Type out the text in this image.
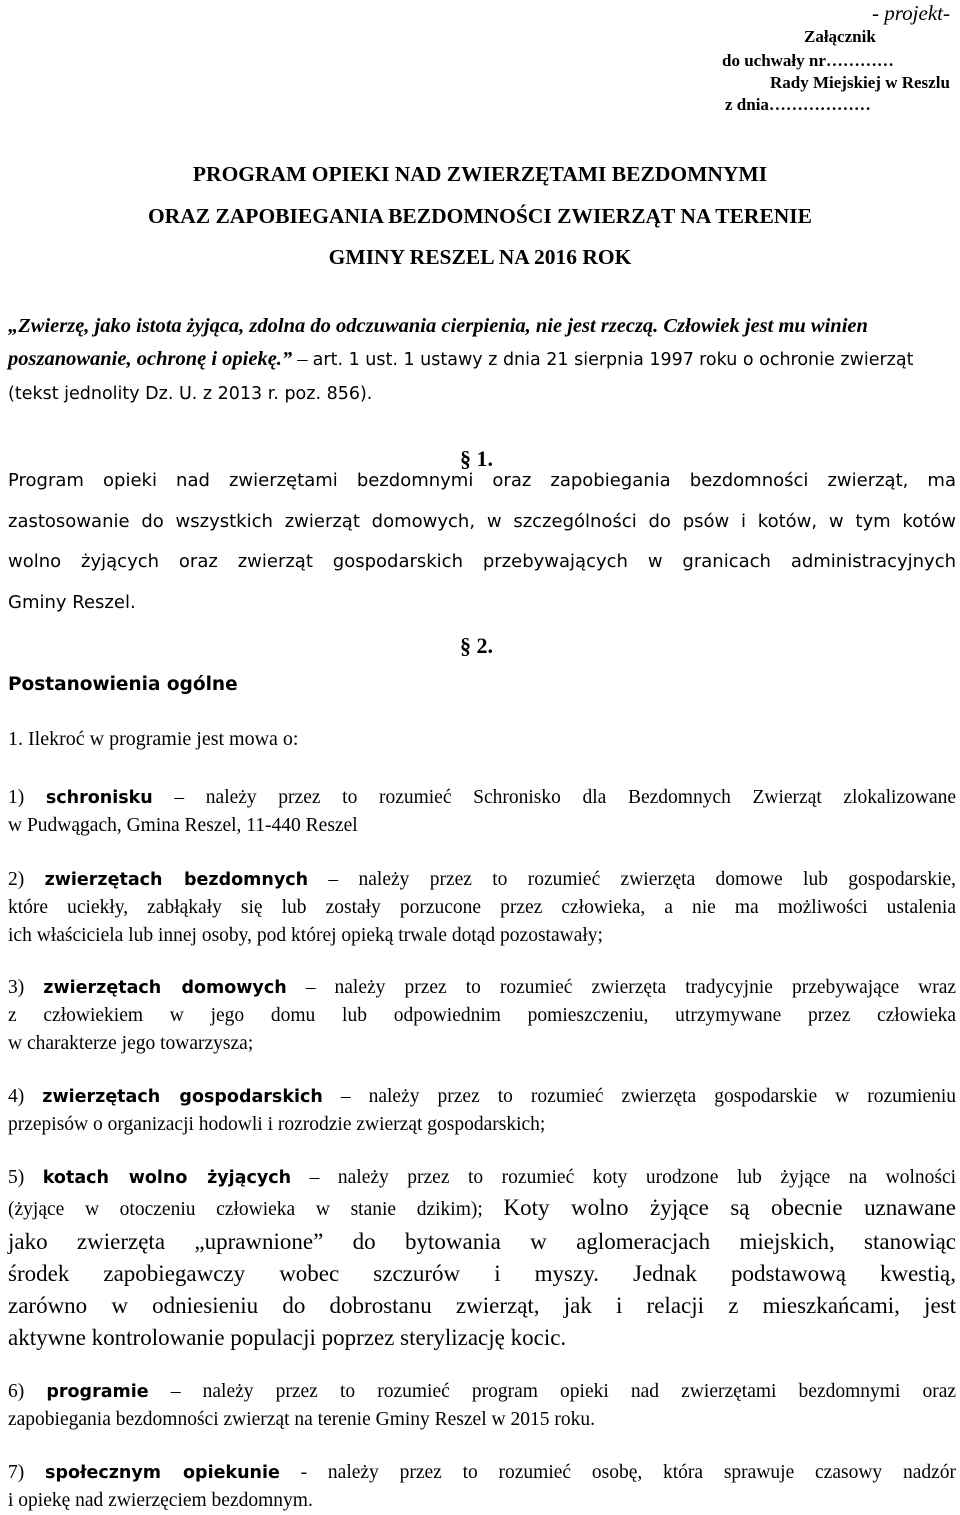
- projekt-
Załącznik
do uchwały nr…………
Rady Miejskiej w Reszlu
z dnia………………
PROGRAM OPIEKI NAD ZWIERZĘTAMI BEZDOMNYMI
ORAZ ZAPOBIEGANIA BEZDOMNOŚCI ZWIERZĄT NA TERENIE
GMINY RESZEL NA 2016 ROK
„Zwierzę, jako istota żyjąca, zdolna do odczuwania cierpienia, nie jest rzeczą. Człowiek jest mu winien poszanowanie, ochronę i opiekę.” – art. 1 ust. 1 ustawy z dnia 21 sierpnia 1997 roku o ochronie zwierząt (tekst jednolity Dz. U. z 2013 r. poz. 856).
§ 1.
Program opieki nad zwierzętami bezdomnymi oraz zapobiegania bezdomności zwierząt, ma
zastosowanie do wszystkich zwierząt domowych, w szczególności do psów i kotów, w tym kotów
wolno żyjących oraz zwierząt gospodarskich przebywających w granicach administracyjnych
Gminy Reszel.
§ 2.
Postanowienia ogólne
1. Ilekroć w programie jest mowa o:
1) schronisku – należy przez to rozumieć Schronisko dla Bezdomnych Zwierząt zlokalizowane
w Pudwągach, Gmina Reszel, 11-440 Reszel
2) zwierzętach bezdomnych – należy przez to rozumieć zwierzęta domowe lub gospodarskie,
które uciekły, zabłąkały się lub zostały porzucone przez człowieka, a nie ma możliwości ustalenia
ich właściciela lub innej osoby, pod której opieką trwale dotąd pozostawały;
3) zwierzętach domowych – należy przez to rozumieć zwierzęta tradycyjnie przebywające wraz
z człowiekiem w jego domu lub odpowiednim pomieszczeniu, utrzymywane przez człowieka
w charakterze jego towarzysza;
4) zwierzętach gospodarskich – należy przez to rozumieć zwierzęta gospodarskie w rozumieniu
przepisów o organizacji hodowli i rozrodzie zwierząt gospodarskich;
5) kotach wolno żyjących – należy przez to rozumieć koty urodzone lub żyjące na wolności
(żyjące w otoczeniu człowieka w stanie dzikim); Koty wolno żyjące są obecnie uznawane
jako zwierzęta „uprawnione” do bytowania w aglomeracjach miejskich, stanowiąc
środek zapobiegawczy wobec szczurów i myszy. Jednak podstawową kwestią,
zarówno w odniesieniu do dobrostanu zwierząt, jak i relacji z mieszkańcami, jest
aktywne kontrolowanie populacji poprzez sterylizację kocic.
6) programie – należy przez to rozumieć program opieki nad zwierzętami bezdomnymi oraz
zapobiegania bezdomności zwierząt na terenie Gminy Reszel w 2015 roku.
7) społecznym opiekunie - należy przez to rozumieć osobę, która sprawuje czasowy nadzór
i opiekę nad zwierzęciem bezdomnym.
